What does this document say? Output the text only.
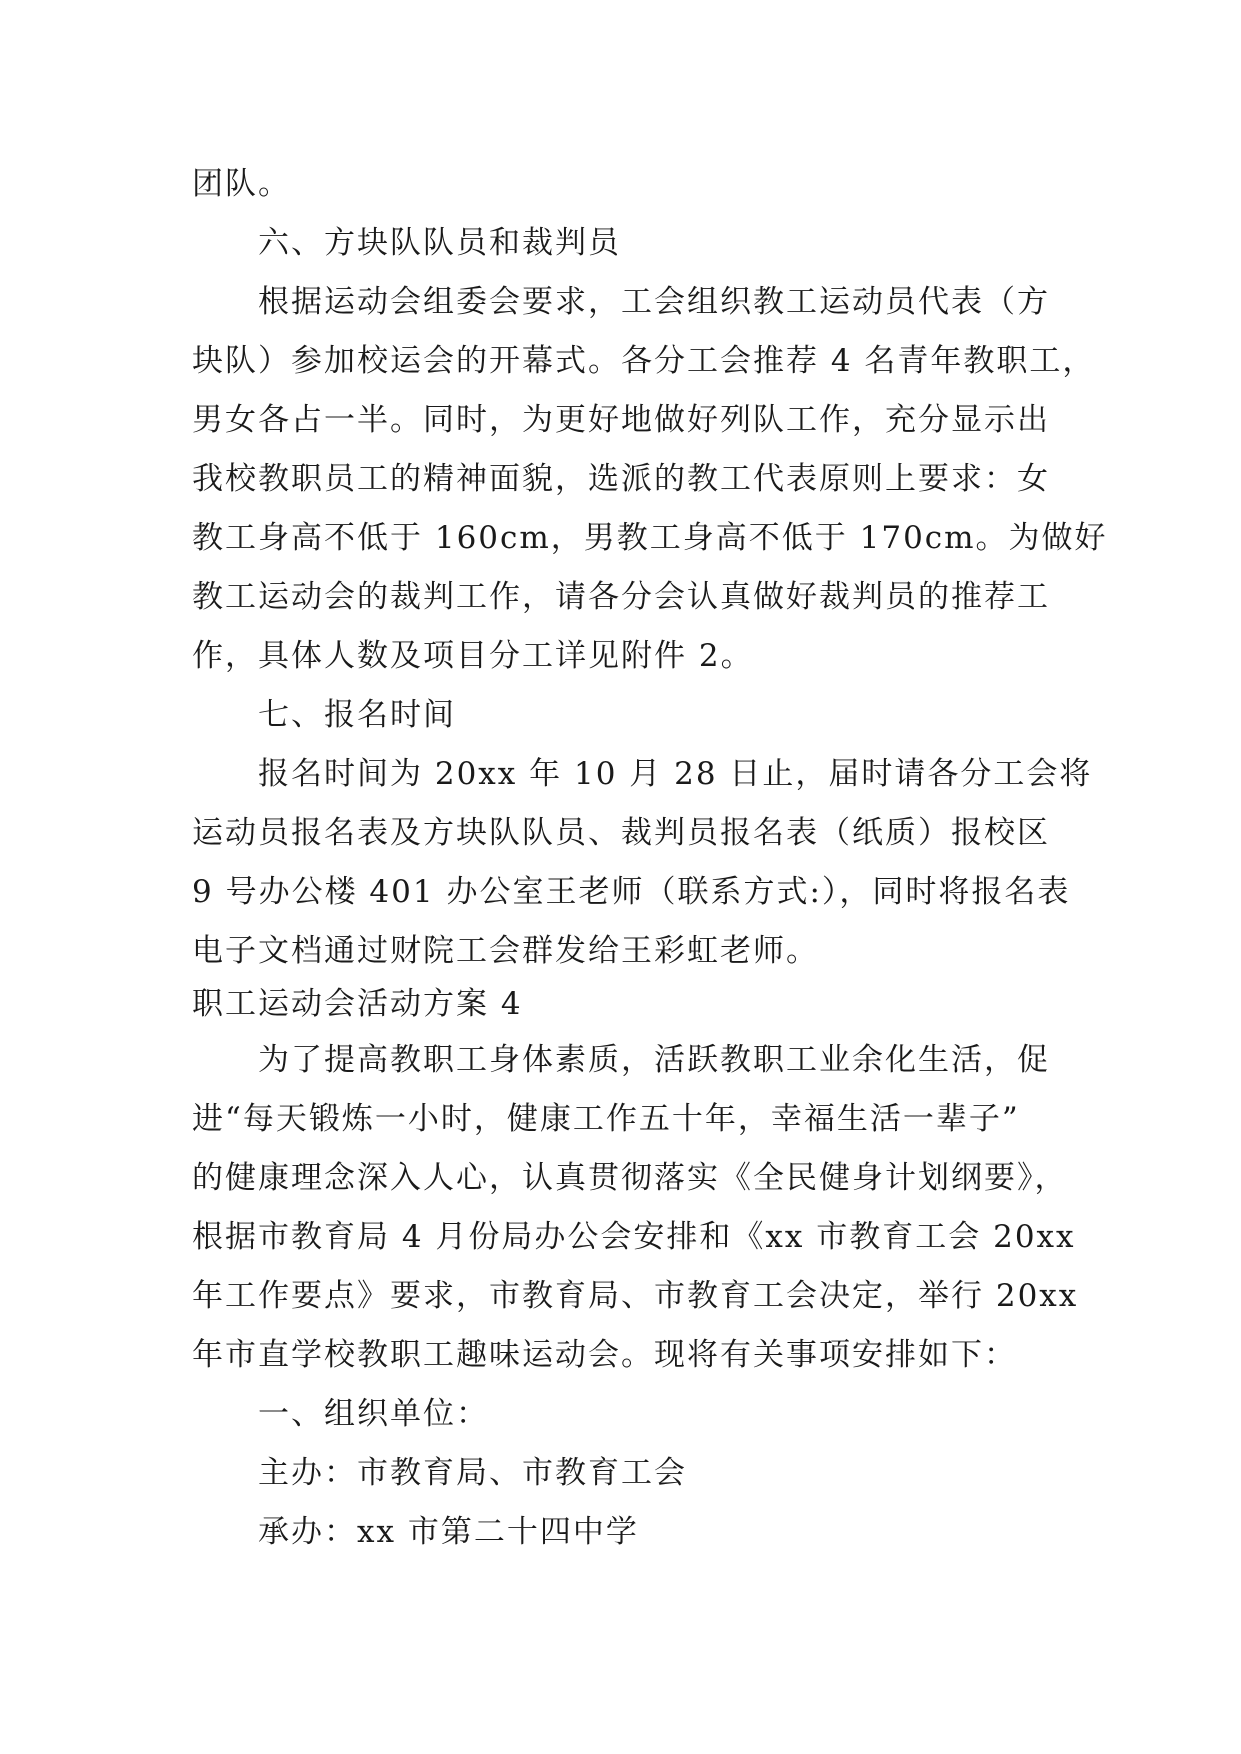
团队。
六、方块队队员和裁判员
根据运动会组委会要求，工会组织教工运动员代表（方
块队）参加校运会的开幕式。各分工会推荐 4 名青年教职工，
男女各占一半。同时，为更好地做好列队工作，充分显示出
我校教职员工的精神面貌，选派的教工代表原则上要求：女
教工身高不低于 160cm，男教工身高不低于 170cm。为做好
教工运动会的裁判工作，请各分会认真做好裁判员的推荐工
作，具体人数及项目分工详见附件 2。
七、报名时间
报名时间为 20xx 年 10 月 28 日止，届时请各分工会将
运动员报名表及方块队队员、裁判员报名表（纸质）报校区
9 号办公楼 401 办公室王老师（联系方式:），同时将报名表
电子文档通过财院工会群发给王彩虹老师。
职工运动会活动方案 4
为了提高教职工身体素质，活跃教职工业余化生活，促
进“每天锻炼一小时，健康工作五十年，幸福生活一辈子”
的健康理念深入人心，认真贯彻落实《全民健身计划纲要》，
根据市教育局 4 月份局办公会安排和《xx 市教育工会 20xx
年工作要点》要求，市教育局、市教育工会决定，举行 20xx
年市直学校教职工趣味运动会。现将有关事项安排如下：
一、组织单位：
主办：市教育局、市教育工会
承办：xx 市第二十四中学
